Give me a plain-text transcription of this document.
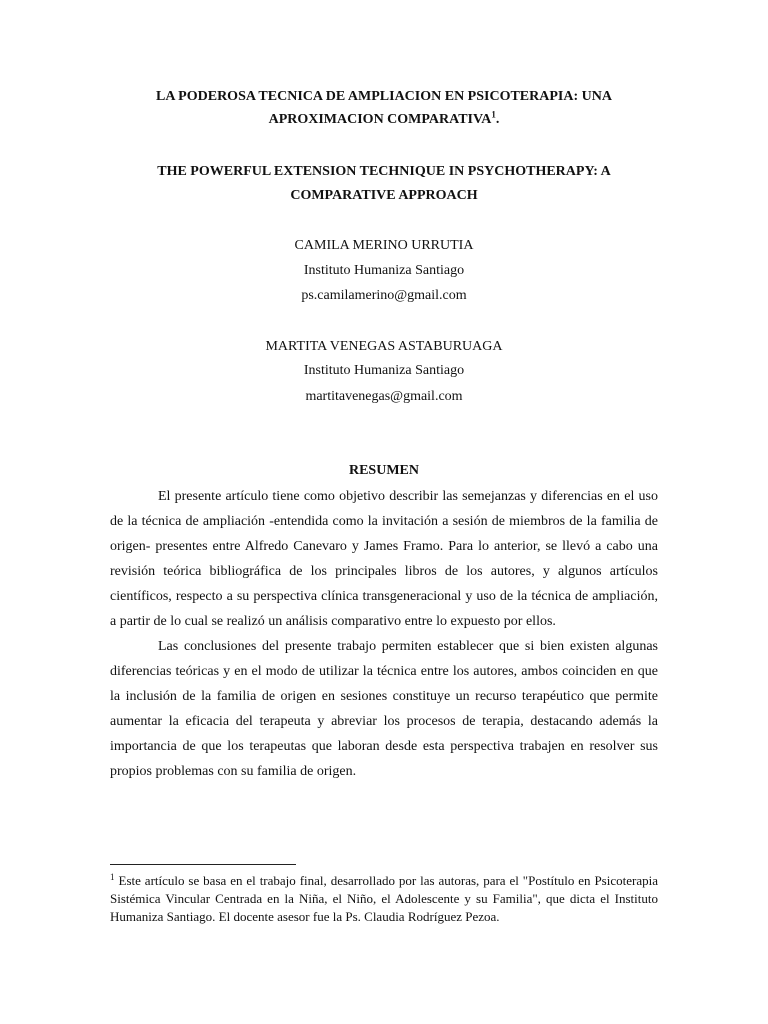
LA PODEROSA TECNICA DE AMPLIACION EN PSICOTERAPIA: UNA
APROXIMACION COMPARATIVA$^1$.
THE POWERFUL EXTENSION TECHNIQUE IN PSYCHOTHERAPY: A
COMPARATIVE APPROACH
CAMILA MERINO URRUTIA
Instituto Humaniza Santiago
ps.camilamerino@gmail.com
MARTITA VENEGAS ASTABURUAGA
Instituto Humaniza Santiago
martitavenegas@gmail.com
RESUMEN

El presente artículo tiene como objetivo describir las semejanzas y diferencias en el uso de la técnica de ampliación -entendida como la invitación a sesión de miembros de la familia de origen- presentes entre Alfredo Canevaro y James Framo. Para lo anterior, se llevó a cabo una revisión teórica bibliográfica de los principales libros de los autores, y algunos artículos científicos, respecto a su perspectiva clínica transgeneracional y uso de la técnica de ampliación, a partir de lo cual se realizó un análisis comparativo entre lo expuesto por ellos.

Las conclusiones del presente trabajo permiten establecer que si bien existen algunas diferencias teóricas y en el modo de utilizar la técnica entre los autores, ambos coinciden en que la inclusión de la familia de origen en sesiones constituye un recurso terapéutico que permite aumentar la eficacia del terapeuta y abreviar los procesos de terapia, destacando además la importancia de que los terapeutas que laboran desde esta perspectiva trabajen en resolver sus propios problemas con su familia de origen.

$^1$ Este artículo se basa en el trabajo final, desarrollado por las autoras, para el "Postítulo en Psicoterapia Sistémica Vincular Centrada en la Niña, el Niño, el Adolescente y su Familia", que dicta el Instituto Humaniza Santiago. El docente asesor fue la Ps. Claudia Rodríguez Pezoa.
